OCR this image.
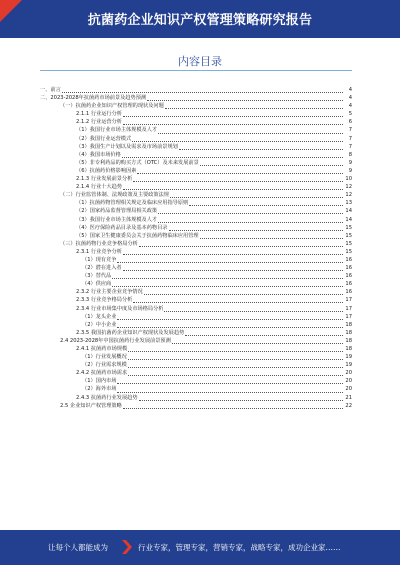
抗菌药企业知识产权管理策略研究报告
内容目录
一、前言	4
二、2023-2028年抗菌药市场前景及趋势预测	4
（一）抗菌药企业知识产权管理的现状及问题	4
2.1.1 行业运行分析	5
2.1.2 行业运营分析	6
（1）我国行业市场主体规模及人才	7
（2）我国行业运营模式	7
（3）我国生产计划以及需求及市场前景规划	7
（4）我国市场价格	8
（5）非专利药品的购买方式（OTC）及未来发展前景	9
（6）抗菌药价格影响因素	9
2.1.3 行业发展前景分析	10
2.1.4 行业十大趋势	12
（二）行业监管体制、法规政策及主要政策法规	12
（1）抗菌药物管理相关规定及临床应用指导原则	13
（2）国家药品监督管理局相关政策	14
（3）我国行业市场主体规模及人才	14
（4）医疗保险药品目录及基本药物目录	15
（5）国家卫生健康委员会关于抗菌药物临床应用管理	15
（三）抗菌药物行业竞争格局分析	15
2.3.1 行业竞争分析	15
（1）现有竞争	16
（2）潜在进入者	16
（3）替代品	16
（4）供应商	16
2.3.2 行业主要企业竞争情况	16
2.3.3 行业竞争格局分析	17
2.3.4 行业市场集中度及市场格局分析	17
（1）龙头企业	17
（2）中小企业	18
2.3.5 我国抗菌药企业知识产权现状及发展趋势	18
2.4 2023-2028年中国抗菌药行业发展前景预测	18
2.4.1 抗菌药市场规模	18
（1）行业发展概况	19
（2）行业需求规模	19
2.4.2 抗菌药市场需求	20
（1）国内市场	20
（2）海外市场	20
2.4.3 抗菌药行业发展趋势	21
2.5 企业知识产权管理策略	22
让每个人都能成为	行业专家，管理专家，营销专家，战略专家，成功企业家……
